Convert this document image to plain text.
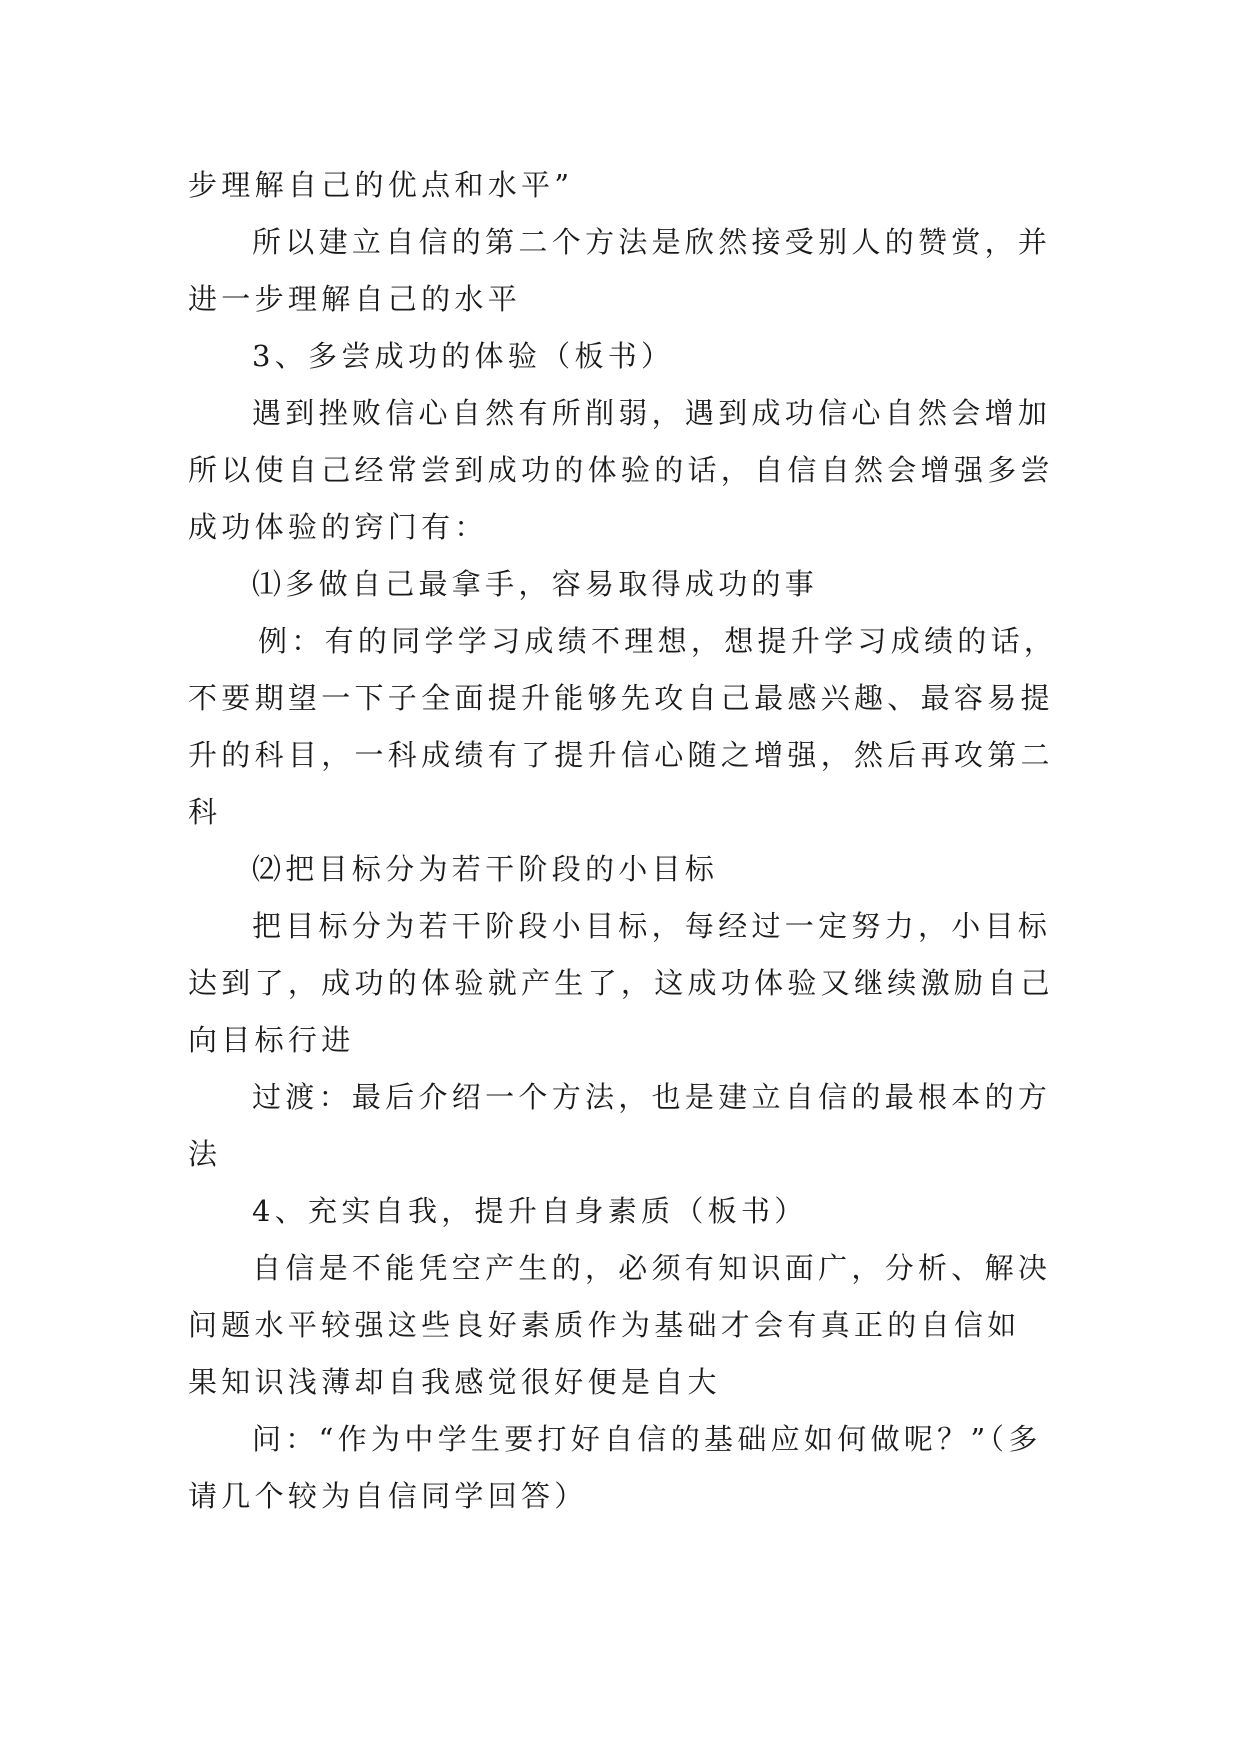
步理解自己的优点和水平”
所以建立自信的第二个方法是欣然接受别人的赞赏，并
进一步理解自己的水平
3、多尝成功的体验（板书）
遇到挫败信心自然有所削弱，遇到成功信心自然会增加
所以使自己经常尝到成功的体验的话，自信自然会增强多尝
成功体验的窍门有：
⑴多做自己最拿手，容易取得成功的事
例：有的同学学习成绩不理想，想提升学习成绩的话，
不要期望一下子全面提升能够先攻自己最感兴趣、最容易提
升的科目，一科成绩有了提升信心随之增强，然后再攻第二
科
⑵把目标分为若干阶段的小目标
把目标分为若干阶段小目标，每经过一定努力，小目标
达到了，成功的体验就产生了，这成功体验又继续激励自己
向目标行进
过渡：最后介绍一个方法，也是建立自信的最根本的方
法
4、充实自我，提升自身素质（板书）
自信是不能凭空产生的，必须有知识面广，分析、解决
问题水平较强这些良好素质作为基础才会有真正的自信如
果知识浅薄却自我感觉很好便是自大
问：“作为中学生要打好自信的基础应如何做呢？”（多
请几个较为自信同学回答）
